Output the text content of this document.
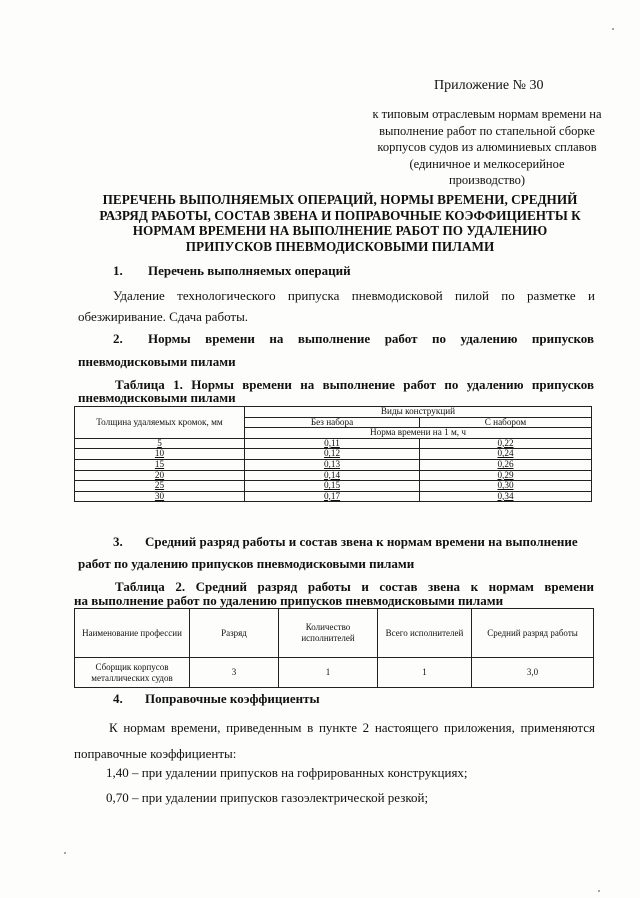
Приложение № 30
к типовым отраслевым нормам времени на выполнение работ по стапельной сборке корпусов судов из алюминиевых сплавов (единичное и мелкосерийное производство)
ПЕРЕЧЕНЬ ВЫПОЛНЯЕМЫХ ОПЕРАЦИЙ, НОРМЫ ВРЕМЕНИ, СРЕДНИЙ РАЗРЯД РАБОТЫ, СОСТАВ ЗВЕНА И ПОПРАВОЧНЫЕ КОЭФФИЦИЕНТЫ К НОРМАМ ВРЕМЕНИ НА ВЫПОЛНЕНИЕ РАБОТ ПО УДАЛЕНИЮ ПРИПУСКОВ ПНЕВМОДИСКОВЫМИ ПИЛАМИ
1. Перечень выполняемых операций
Удаление технологического припуска пневмодисковой пилой по разметке и обезжиривание. Сдача работы.
2. Нормы времени на выполнение работ по удалению припусков
пневмодисковыми пилами
Таблица 1. Нормы времени на выполнение работ по удалению припусков
пневмодисковыми пилами
Толщина удаляемых кромок, мм	Виды конструкций	
	Без набора	С набором
	Норма времени на 1 м, ч	
5	0,11	0,22
10	0,12	0,24
15	0,13	0,26
20	0,14	0,29
25	0,15	0,30
30	0,17	0,34
3. Средний разряд работы и состав звена к нормам времени на выполнение
работ по удалению припусков пневмодисковыми пилами
Таблица 2. Средний разряд работы и состав звена к нормам времени
на выполнение работ по удалению припусков пневмодисковыми пилами
Наименование профессии	Разряд	Количество исполнителей	Всего исполнителей	Средний разряд работы
Сборщик корпусов металлических судов	3	1	1	3,0
4. Поправочные коэффициенты
К нормам времени, приведенным в пункте 2 настоящего приложения, применяются поправочные коэффициенты:
1,40 – при удалении припусков на гофрированных конструкциях;
0,70 – при удалении припусков газоэлектрической резкой;
